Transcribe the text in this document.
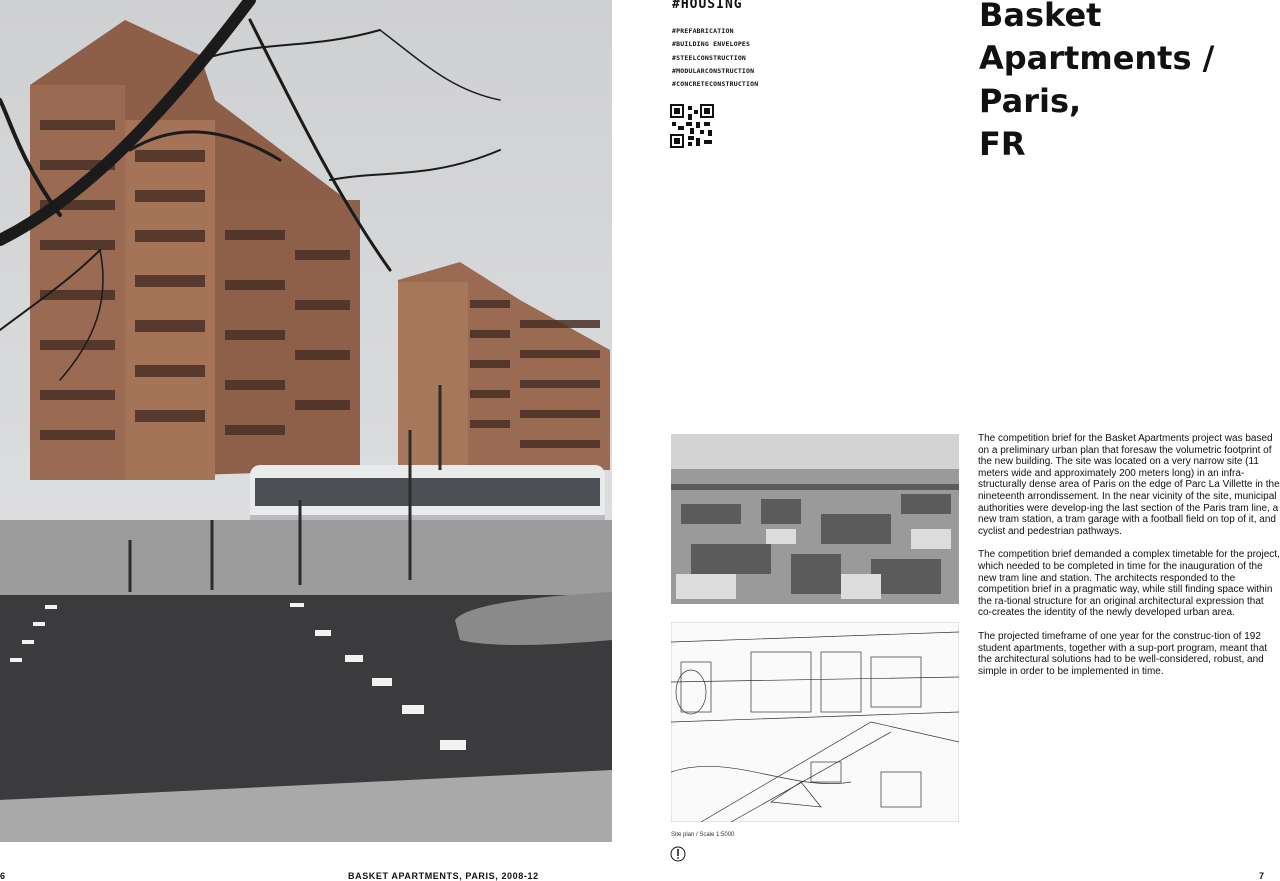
6	BASKET APARTMENTS, PARIS, 2008-12	7
#HOUSING
#PREFABRICATION
#BUILDING ENVELOPES
#STEELCONSTRUCTION
#MODULARCONSTRUCTION
#CONCRETECONSTRUCTION
Basket
Apartments /
Paris,
FR
Site plan / Scale 1:5000

The competition brief for the Basket Apartments project was based on a preliminary urban plan that foresaw the volumetric footprint of the new building. The site was located on a very narrow site (11 meters wide and approximately 200 meters long) in an infra-structurally dense area of Paris on the edge of Parc La Villette in the nineteenth arrondissement. In the near vicinity of the site, municipal authorities were develop-ing the last section of the Paris tram line, a new tram station, a tram garage with a football field on top of it, and cyclist and pedestrian pathways.

The competition brief demanded a complex timetable for the project, which needed to be completed in time for the inauguration of the new tram line and station. The architects responded to the competition brief in a pragmatic way, while still finding space within the ra-tional structure for an original architectural expression that co-creates the identity of the newly developed urban area.

The projected timeframe of one year for the construc-tion of 192 student apartments, together with a sup-port program, meant that the architectural solutions had to be well-considered, robust, and simple in order to be implemented in time.
